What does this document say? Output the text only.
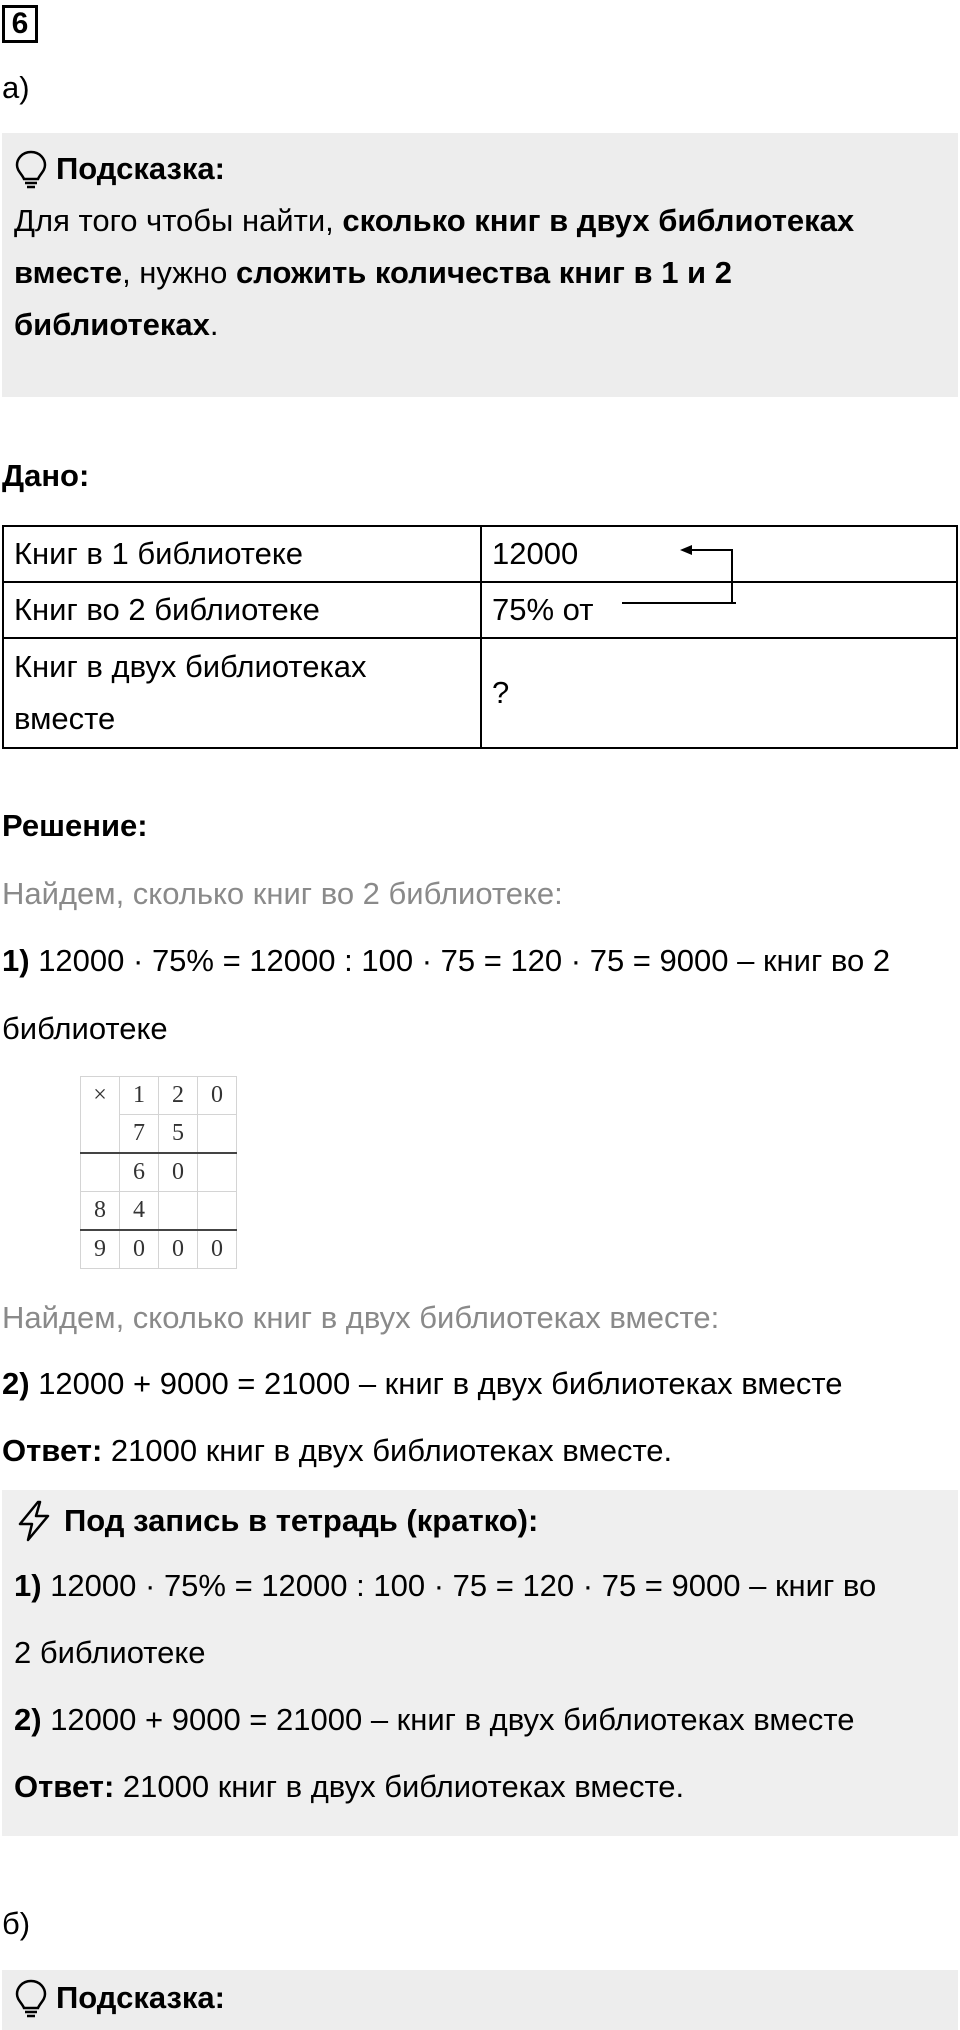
6
а)
Подсказка:
Для того чтобы найти, сколько книг в двух библиотеках вместе, нужно сложить количества книг в 1 и 2 библиотеках.
Дано:
Книг в 1 библиотеке	12000
Книг во 2 библиотеке	75% от
Книг в двух библиотеках вместе	?
Решение:
Найдем, сколько книг во 2 библиотеке:
1) 12000 · 75% = 12000 : 100 · 75 = 120 · 75 = 9000 – книг во 2
библиотеке
×	1	2	0
	7	5	
	6	0	
8	4		
9	0	0	0
Найдем, сколько книг в двух библиотеках вместе:
2) 12000 + 9000 = 21000 – книг в двух библиотеках вместе
Ответ: 21000 книг в двух библиотеках вместе.
Под запись в тетрадь (кратко):
1) 12000 · 75% = 12000 : 100 · 75 = 120 · 75 = 9000 – книг во
2 библиотеке
2) 12000 + 9000 = 21000 – книг в двух библиотеках вместе
Ответ: 21000 книг в двух библиотеках вместе.
б)
Подсказка:
